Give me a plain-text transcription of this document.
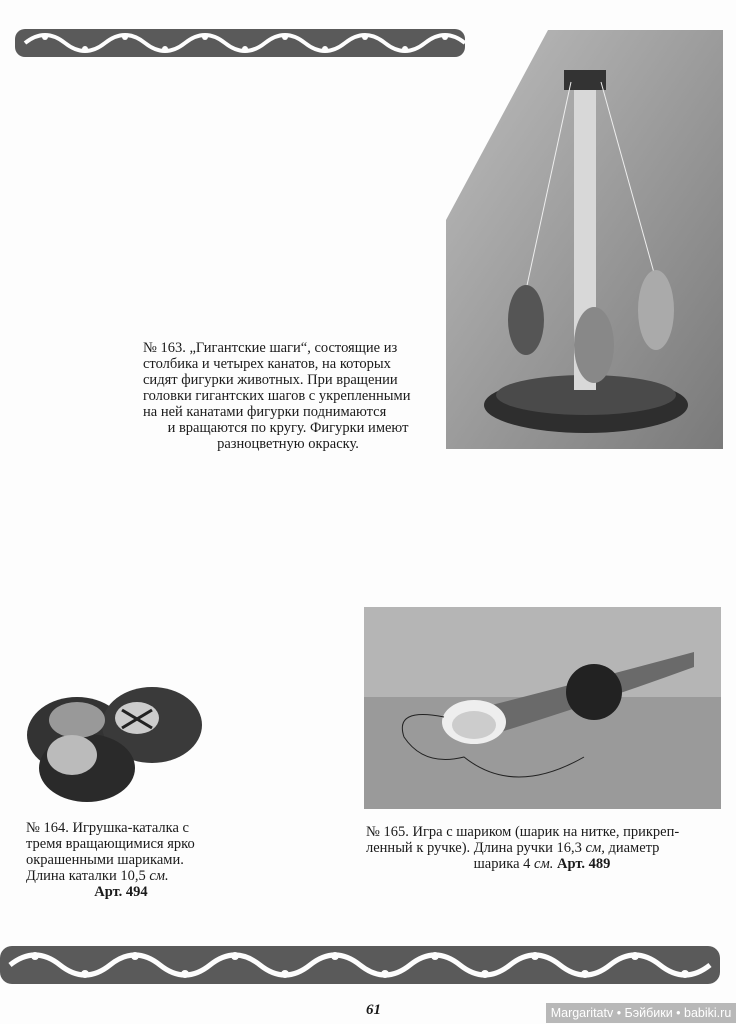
№ 163. „Гигантские шаги“, состоящие из

столбика и четырех канатов, на которых

сидят фигурки животных. При вращении

головки гигантских шагов с укрепленными

на ней канатами фигурки поднимаются

и вращаются по кругу. Фигурки имеют

разноцветную окраску.

№ 164. Игрушка-каталка с

тремя вращающимися ярко

окрашенными шариками.

Длина каталки 10,5 см.

Арт. 494

№ 165. Игра с шариком (шарик на нитке, прикреп-

ленный к ручке). Длина ручки 16,3 см, диаметр

шарика 4 см. Арт. 489

61	Margaritatv • Бэйбики • babiki.ru
